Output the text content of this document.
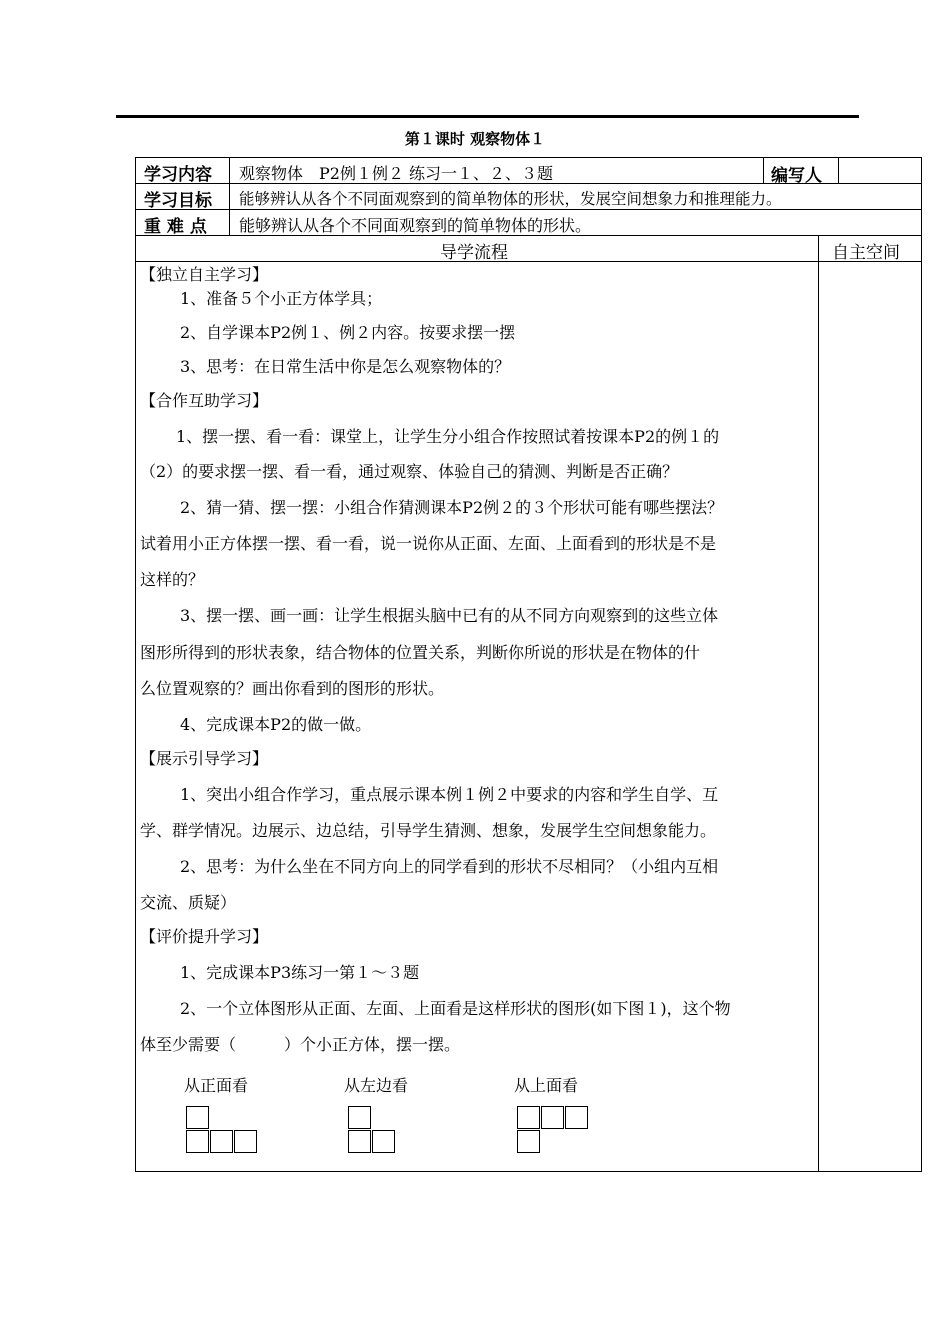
第１课时 观察物体１
学习内容 观察物体　P2例１例２ 练习一１、２、３题	编写人
学习目标 能够辨认从各个不同面观察到的简单物体的形状，发展空间想象力和推理能力。
重 难 点 能够辨认从各个不同面观察到的简单物体的形状。
导学流程	自主空间
【独立自主学习】
1、准备５个小正方体学具；
2、自学课本P2例１、例２内容。按要求摆一摆
3、思考：在日常生活中你是怎么观察物体的？
【合作互助学习】
1、摆一摆、看一看：课堂上，让学生分小组合作按照试着按课本P2的例１的
（2）的要求摆一摆、看一看，通过观察、体验自己的猜测、判断是否正确？
2、猜一猜、摆一摆：小组合作猜测课本P2例２的３个形状可能有哪些摆法？
试着用小正方体摆一摆、看一看，说一说你从正面、左面、上面看到的形状是不是
这样的？
3、摆一摆、画一画：让学生根据头脑中已有的从不同方向观察到的这些立体
图形所得到的形状表象，结合物体的位置关系，判断你所说的形状是在物体的什
么位置观察的？画出你看到的图形的形状。
4、完成课本P2的做一做。
【展示引导学习】
1、突出小组合作学习，重点展示课本例１例２中要求的内容和学生自学、互
学、群学情况。边展示、边总结，引导学生猜测、想象，发展学生空间想象能力。
2、思考：为什么坐在不同方向上的同学看到的形状不尽相同？（小组内互相
交流、质疑）
【评价提升学习】
1、完成课本P3练习一第１～３题
2、一个立体图形从正面、左面、上面看是这样形状的图形(如下图１)，这个物
体至少需要（　　　）个小正方体，摆一摆。
从正面看	从左边看	从上面看
